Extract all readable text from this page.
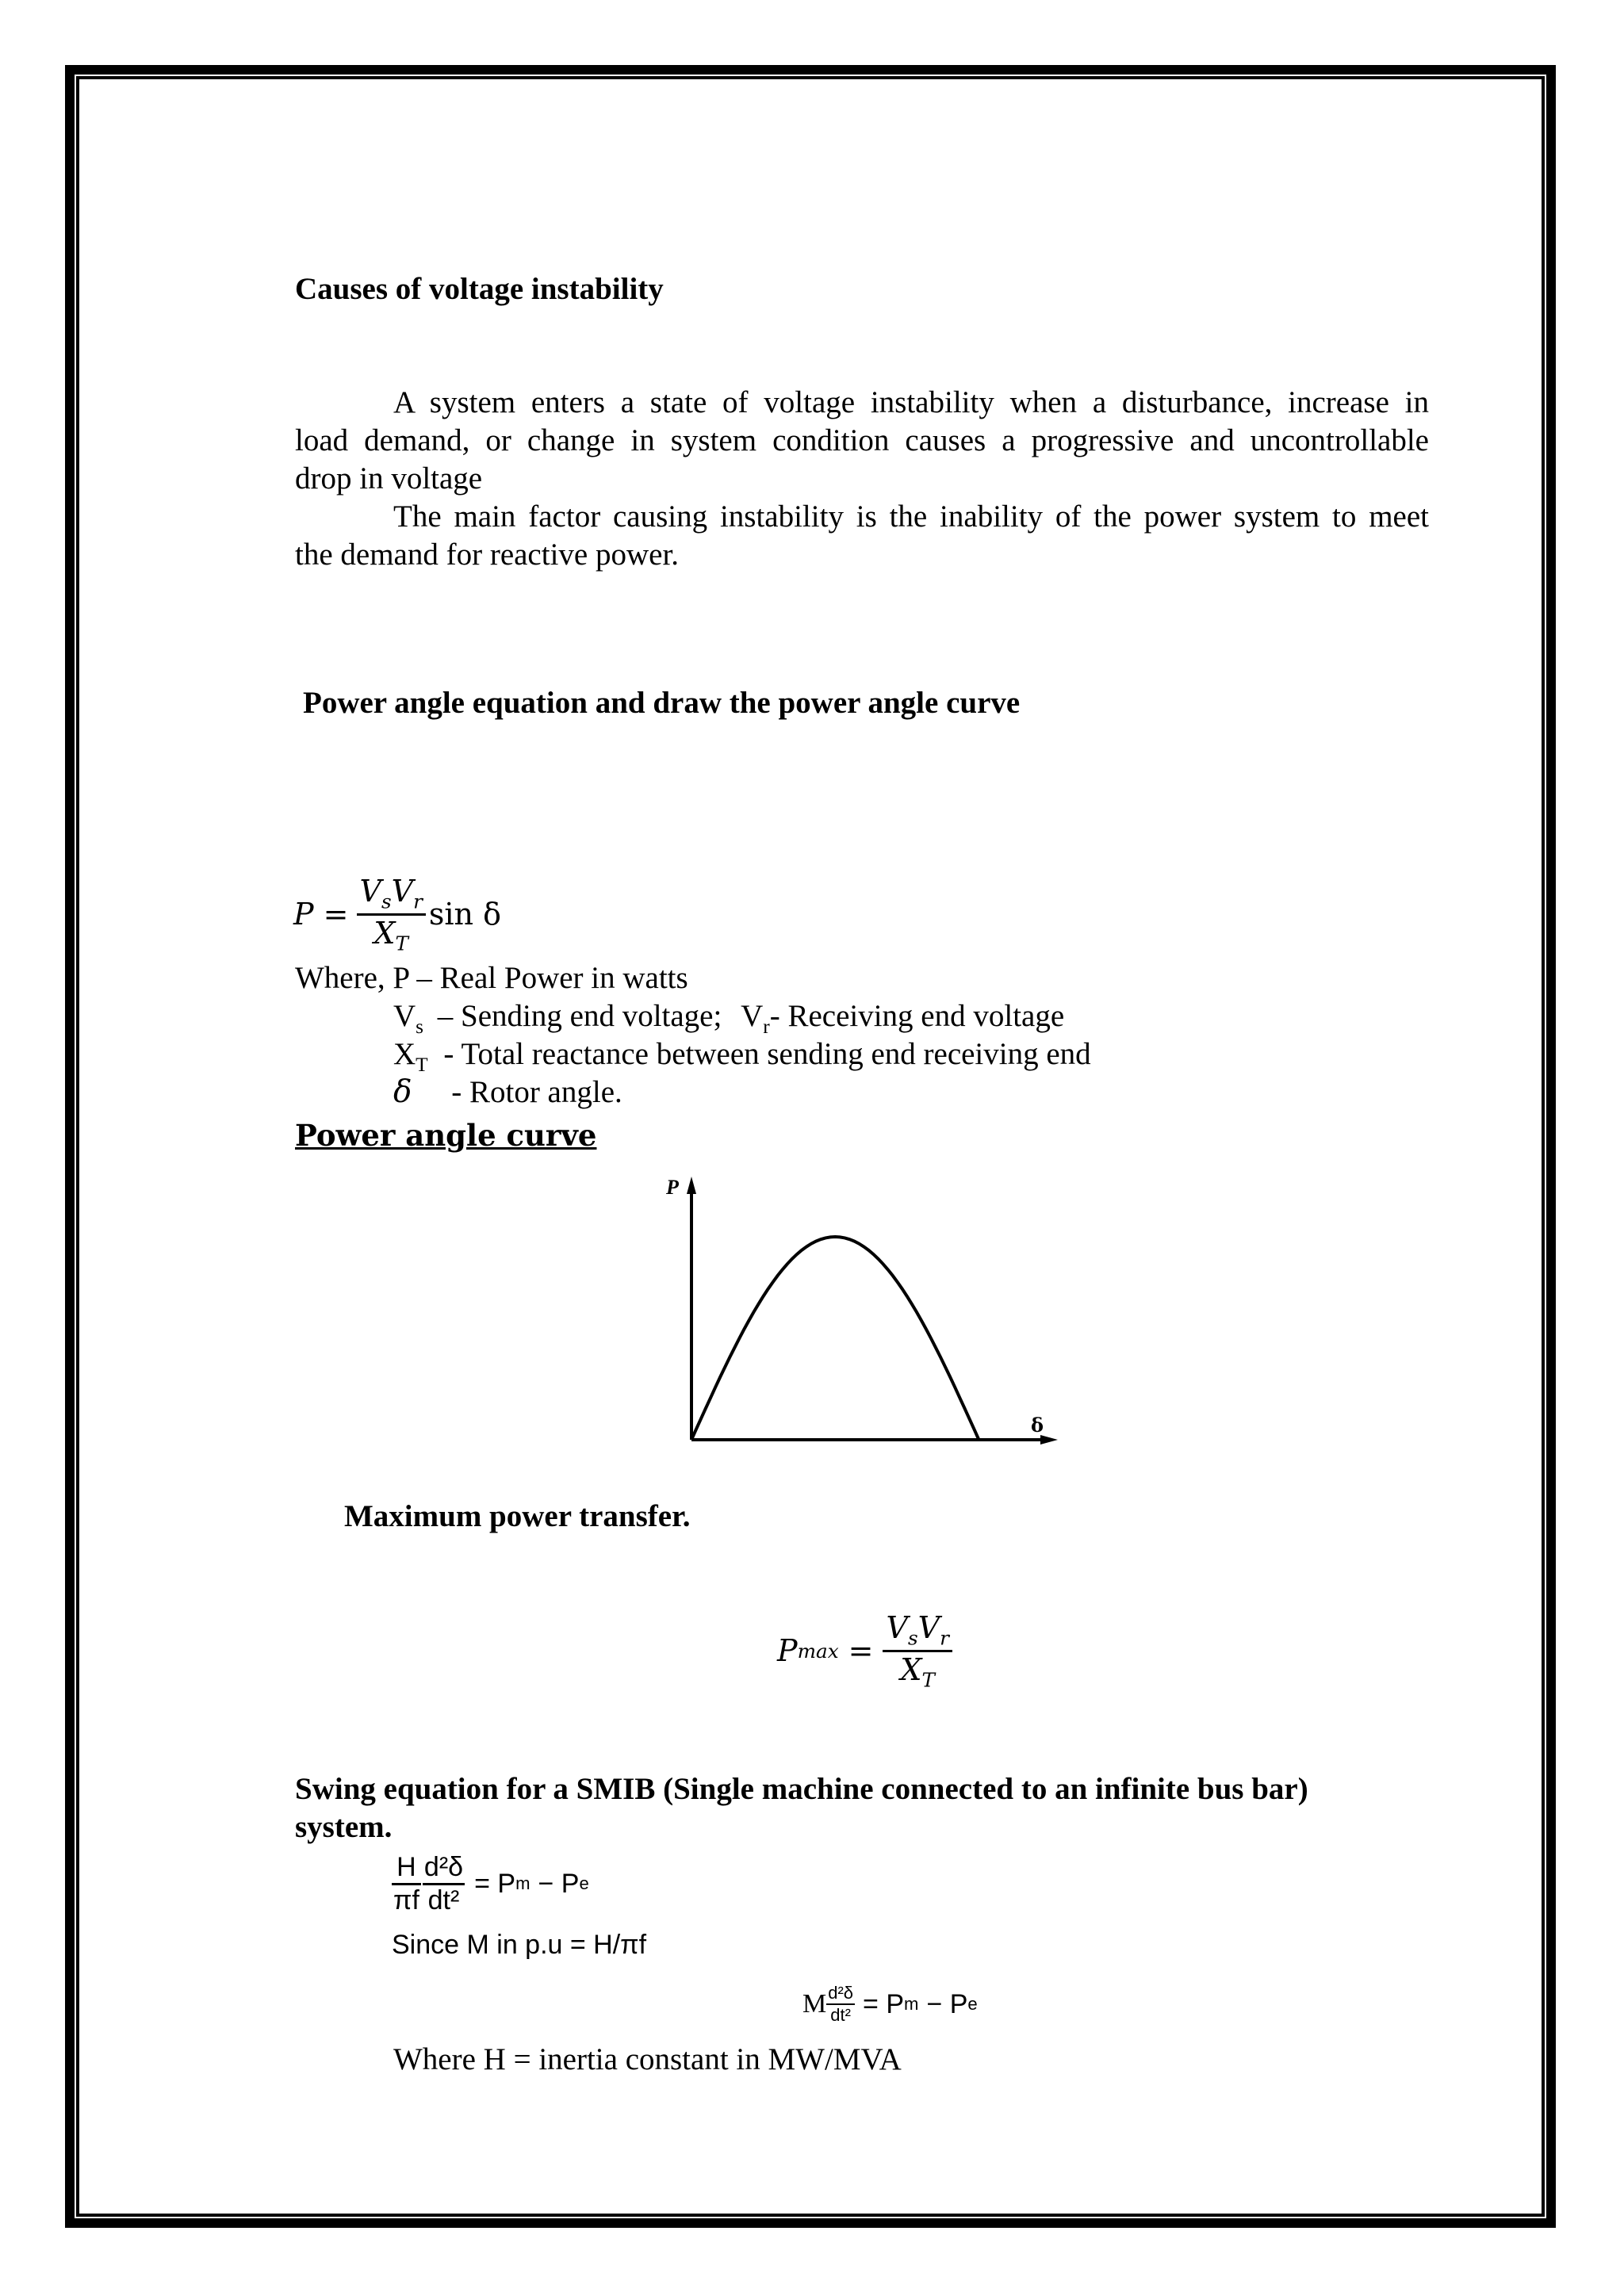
Causes of voltage instability
A system enters a state of voltage instability when a disturbance, increase in
load demand, or change in system condition causes a progressive and uncontrollable
drop in voltage
The main factor causing instability is the inability of the power system to meet
the demand for reactive power.
Power angle equation and draw the power angle curve
$P = \frac{V_sV_r}{X_T}$ sin δ
Where, P – Real Power in watts
$V_s$ – Sending end voltage; $V_r-$ Receiving end voltage
$X_T$ - Total reactance between sending end receiving end
δ - Rotor angle.
Power angle curve
P
δ
Maximum power transfer.
P $\max = \frac{V_sV_r}{X_T}$
Swing equation for a SMIB (Single machine connected to an infinite bus bar)
system.
$\frac{H}{\pi f} \frac{\text{d²δ}}{\text{dt²}} = P$ m − P e
Since M in p.u = H/πf
M $\frac{\text{d²δ}}{\text{dt²}} = P$ m − P e
Where H = inertia constant in MW/MVA
